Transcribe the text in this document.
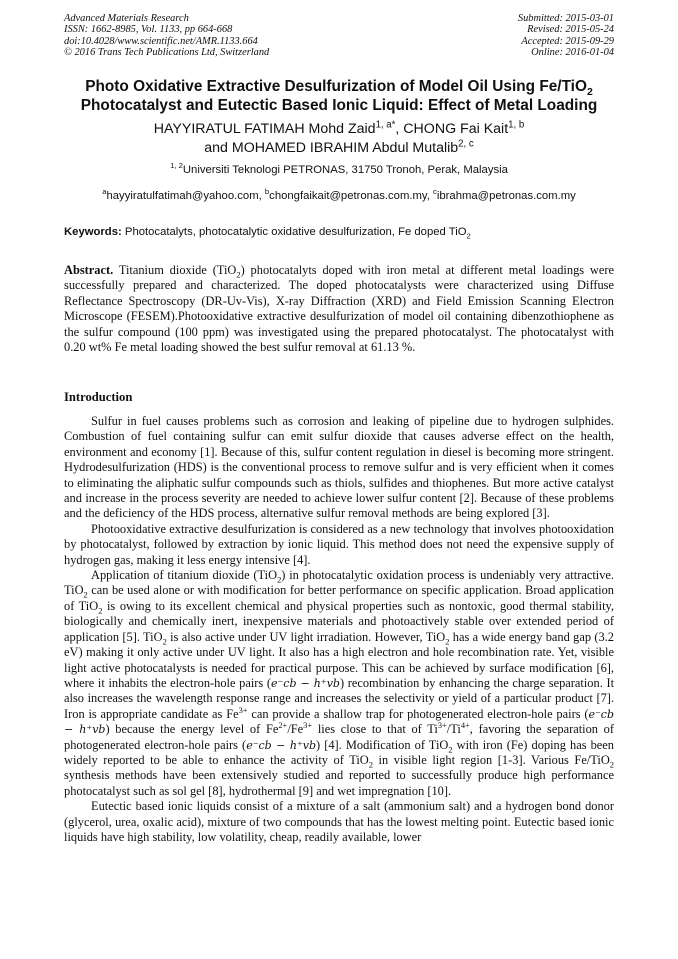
Advanced Materials Research
ISSN: 1662-8985, Vol. 1133, pp 664-668
doi:10.4028/www.scientific.net/AMR.1133.664
© 2016 Trans Tech Publications Ltd, Switzerland
Submitted: 2015-03-01
Revised: 2015-05-24
Accepted: 2015-09-29
Online: 2016-01-04
Photo Oxidative Extractive Desulfurization of Model Oil Using Fe/TiO$_2$
Photocatalyst and Eutectic Based Ionic Liquid: Effect of Metal Loading
HAYYIRATUL FATIMAH Mohd Zaid$^{1, a*}$, CHONG Fai Kait$^{1, b}$
and MOHAMED IBRAHIM Abdul Mutalib$^{2, c}$
$^{1, 2}$Universiti Teknologi PETRONAS, 31750 Tronoh, Perak, Malaysia
$^a$hayyiratulfatimah@yahoo.com, $^b$chongfaikait@petronas.com.my, $^c$ibrahma@petronas.com.my
Keywords: Photocatalyts, photocatalytic oxidative desulfurization, Fe doped TiO$_2$
Abstract. Titanium dioxide (TiO$_2$) photocatalyts doped with iron metal at different metal loadings were successfully prepared and characterized. The doped photocatalysts were characterized using Diffuse Reflectance Spectroscopy (DR-Uv-Vis), X-ray Diffraction (XRD) and Field Emission Scanning Electron Microscope (FESEM).Photooxidative extractive desulfurization of model oil containing dibenzothiophene as the sulfur compound (100 ppm) was investigated using the prepared photocatalyst. The photocatalyst with 0.20 wt% Fe metal loading showed the best sulfur removal at 61.13 %.
Introduction

Sulfur in fuel causes problems such as corrosion and leaking of pipeline due to hydrogen sulphides. Combustion of fuel containing sulfur can emit sulfur dioxide that causes adverse effect on the health, environment and economy [1]. Because of this, sulfur content regulation in diesel is becoming more stringent. Hydrodesulfurization (HDS) is the conventional process to remove sulfur and is very efficient when it comes to eliminating the aliphatic sulfur compounds such as thiols, sulfides and thiophenes. But more active catalyst and increase in the process severity are needed to achieve lower sulfur content [2]. Because of these problems and the deficiency of the HDS process, alternative sulfur removal methods are being explored [3].

Photooxidative extractive desulfurization is considered as a new technology that involves photooxidation by photocatalyst, followed by extraction by ionic liquid. This method does not need the expensive supply of hydrogen gas, making it less energy intensive [4].

Application of titanium dioxide (TiO$_2$) in photocatalytic oxidation process is undeniably very attractive. TiO$_2$ can be used alone or with modification for better performance on specific application. Broad application of TiO$_2$ is owing to its excellent chemical and physical properties such as nontoxic, good thermal stability, biologically and chemically inert, inexpensive materials and photoactively stable over extended period of application [5]. TiO$_2$ is also active under UV light irradiation. However, TiO$_2$ has a wide energy band gap (3.2 eV) making it only active under UV light. It also has a high electron and hole recombination rate. Yet, visible light active photocatalysts is needed for practical purpose. This can be achieved by surface modification [6], where it inhabits the electron-hole pairs (e⁻cb − h⁺vb) recombination by enhancing the charge separation. It also increases the wavelength response range and increases the selectivity or yield of a particular product [7]. Iron is appropriate candidate as $Fe^{3+}$ can provide a shallow trap for photogenerated electron-hole pairs (e⁻cb − h⁺vb) because the energy level of $Fe^{2+}/Fe^{3+}$ lies close to that of $Ti^{3+}/Ti^{4+}$, favoring the separation of photogenerated electron-hole pairs (e⁻cb − h⁺vb) [4]. Modification of TiO$_2$ with iron (Fe) doping has been widely reported to be able to enhance the activity of TiO$_2$ in visible light region [1-3]. Various Fe/TiO$_2$ synthesis methods have been extensively studied and reported to successfully produce high performance photocatalyst such as sol gel [8], hydrothermal [9] and wet impregnation [10].

Eutectic based ionic liquids consist of a mixture of a salt (ammonium salt) and a hydrogen bond donor (glycerol, urea, oxalic acid), mixture of two compounds that has the lowest melting point. Eutectic based ionic liquids have high stability, low volatility, cheap, readily available, lower
